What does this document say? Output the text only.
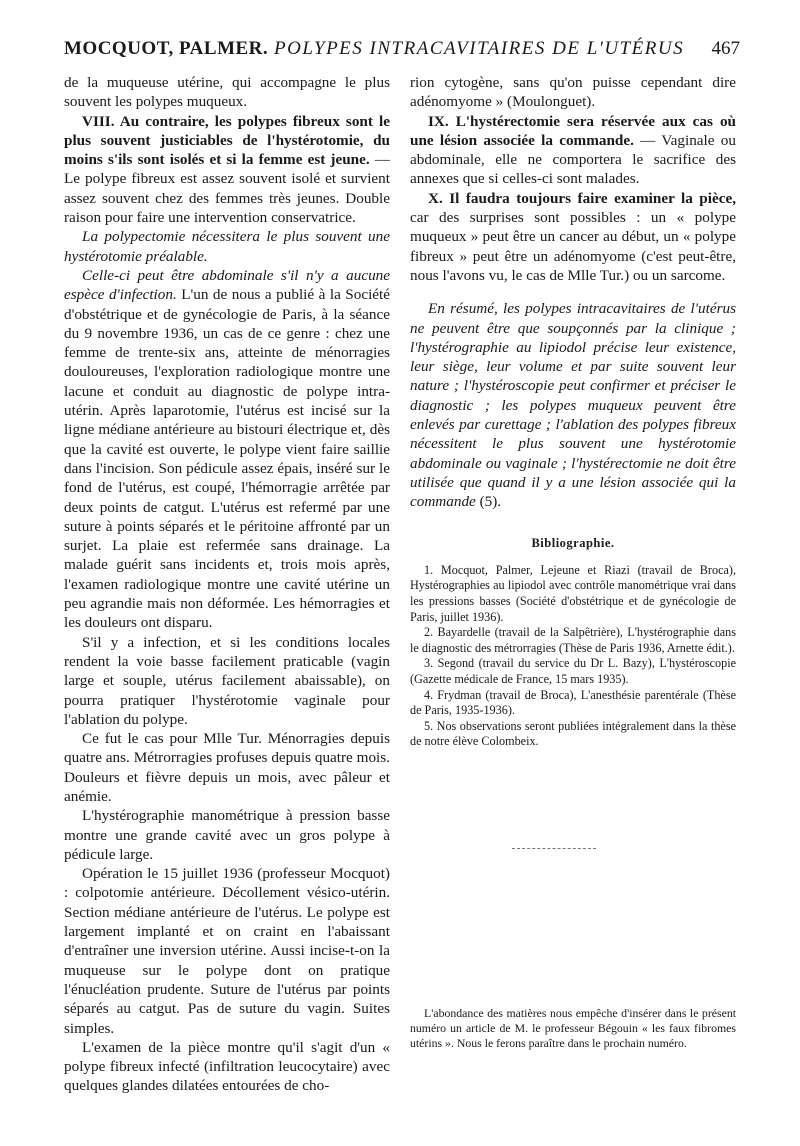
MOCQUOT, PALMER. POLYPES INTRACAVITAIRES DE L'UTÉRUS 467

de la muqueuse utérine, qui accompagne le plus souvent les polypes muqueux.

VIII. Au contraire, les polypes fibreux sont le plus souvent justiciables de l'hystérotomie, du moins s'ils sont isolés et si la femme est jeune. — Le polype fibreux est assez souvent isolé et survient assez souvent chez des femmes très jeunes. Double raison pour faire une intervention conservatrice.

La polypectomie nécessitera le plus souvent une hystérotomie préalable.

Celle-ci peut être abdominale s'il n'y a aucune espèce d'infection. L'un de nous a publié à la Société d'obstétrique et de gynécologie de Paris, à la séance du 9 novembre 1936, un cas de ce genre : chez une femme de trente-six ans, atteinte de ménorragies douloureuses, l'exploration radiologique montre une lacune et conduit au diagnostic de polype intra-utérin. Après laparotomie, l'utérus est incisé sur la ligne médiane antérieure au bistouri électrique et, dès que la cavité est ouverte, le polype vient faire saillie dans l'incision. Son pédicule assez épais, inséré sur le fond de l'utérus, est coupé, l'hémorragie arrêtée par deux points de catgut. L'utérus est refermé par une suture à points séparés et le péritoine affronté par un surjet. La plaie est refermée sans drainage. La malade guérit sans incidents et, trois mois après, l'examen radiologique montre une cavité utérine un peu agrandie mais non déformée. Les hémorragies et les douleurs ont disparu.

S'il y a infection, et si les conditions locales rendent la voie basse facilement praticable (vagin large et souple, utérus facilement abaissable), on pourra pratiquer l'hystérotomie vaginale pour l'ablation du polype.

Ce fut le cas pour Mlle Tur. Ménorragies depuis quatre ans. Métrorragies profuses depuis quatre mois. Douleurs et fièvre depuis un mois, avec pâleur et anémie.

L'hystérographie manométrique à pression basse montre une grande cavité avec un gros polype à pédicule large.

Opération le 15 juillet 1936 (professeur Mocquot) : colpotomie antérieure. Décollement vésico-utérin. Section médiane antérieure de l'utérus. Le polype est largement implanté et on craint en l'abaissant d'entraîner une inversion utérine. Aussi incise-t-on la muqueuse sur le polype dont on pratique l'énucléation prudente. Suture de l'utérus par points séparés au catgut. Pas de suture du vagin. Suites simples.

L'examen de la pièce montre qu'il s'agit d'un « polype fibreux infecté (infiltration leucocytaire) avec quelques glandes dilatées entourées de cho-

rion cytogène, sans qu'on puisse cependant dire adénomyome » (Moulonguet).

IX. L'hystérectomie sera réservée aux cas où une lésion associée la commande. — Vaginale ou abdominale, elle ne comportera le sacrifice des annexes que si celles-ci sont malades.

X. Il faudra toujours faire examiner la pièce, car des surprises sont possibles : un « polype muqueux » peut être un cancer au début, un « polype fibreux » peut être un adénomyome (c'est peut-être, nous l'avons vu, le cas de Mlle Tur.) ou un sarcome.

En résumé, les polypes intracavitaires de l'utérus ne peuvent être que soupçonnés par la clinique ; l'hystérographie au lipiodol précise leur existence, leur siège, leur volume et par suite souvent leur nature ; l'hystéroscopie peut confirmer et préciser le diagnostic ; les polypes muqueux peuvent être enlevés par curettage ; l'ablation des polypes fibreux nécessitent le plus souvent une hystérotomie abdominale ou vaginale ; l'hystérectomie ne doit être utilisée que quand il y a une lésion associée qui la commande (5).

Bibliographie.

1. Mocquot, Palmer, Lejeune et Riazi (travail de Broca), Hystérographies au lipiodol avec contrôle manométrique vrai dans les pressions basses (Société d'obstétrique et de gynécologie de Paris, juillet 1936).

2. Bayardelle (travail de la Salpêtrière), L'hystérographie dans le diagnostic des métrorragies (Thèse de Paris 1936, Arnette édit.).

3. Segond (travail du service du Dr L. Bazy), L'hystéroscopie (Gazette médicale de France, 15 mars 1935).

4. Frydman (travail de Broca), L'anesthésie parentérale (Thèse de Paris, 1935-1936).

5. Nos observations seront publiées intégralement dans la thèse de notre élève Colombeix.

L'abondance des matières nous empêche d'insérer dans le présent numéro un article de M. le professeur Bégouin « les faux fibromes utérins ». Nous le ferons paraître dans le prochain numéro.
